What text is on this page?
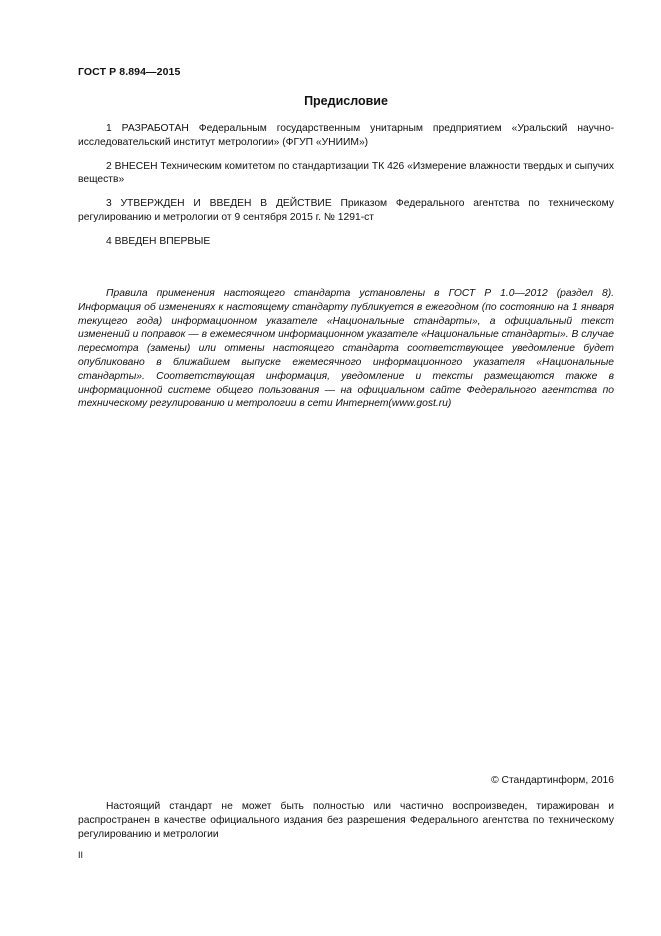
ГОСТ Р 8.894—2015
Предисловие

1 РАЗРАБОТАН Федеральным государственным унитарным предприятием «Уральский научно-исследовательский институт метрологии» (ФГУП «УНИИМ»)

2 ВНЕСЕН Техническим комитетом по стандартизации ТК 426 «Измерение влажности твердых и сыпучих веществ»

3 УТВЕРЖДЕН И ВВЕДЕН В ДЕЙСТВИЕ Приказом Федерального агентства по техническому регулированию и метрологии от 9 сентября 2015 г. № 1291-ст

4 ВВЕДЕН ВПЕРВЫЕ

Правила применения настоящего стандарта установлены в ГОСТ Р 1.0—2012 (раздел 8). Информация об изменениях к настоящему стандарту публикуется в ежегодном (по состоянию на 1 января текущего года) информационном указателе «Национальные стандарты», а официальный текст изменений и поправок — в ежемесячном информационном указателе «Национальные стандарты». В случае пересмотра (замены) или отмены настоящего стандарта соответствующее уведомление будет опубликовано в ближайшем выпуске ежемесячного информационного указателя «Национальные стандарты». Соответствующая информация, уведомление и тексты размещаются также в информационной системе общего пользования — на официальном сайте Федерального агентства по техническому регулированию и метрологии в сети Интернет(www.gost.ru)

© Стандартинформ, 2016

Настоящий стандарт не может быть полностью или частично воспроизведен, тиражирован и распространен в качестве официального издания без разрешения Федерального агентства по техническому регулированию и метрологии

II
